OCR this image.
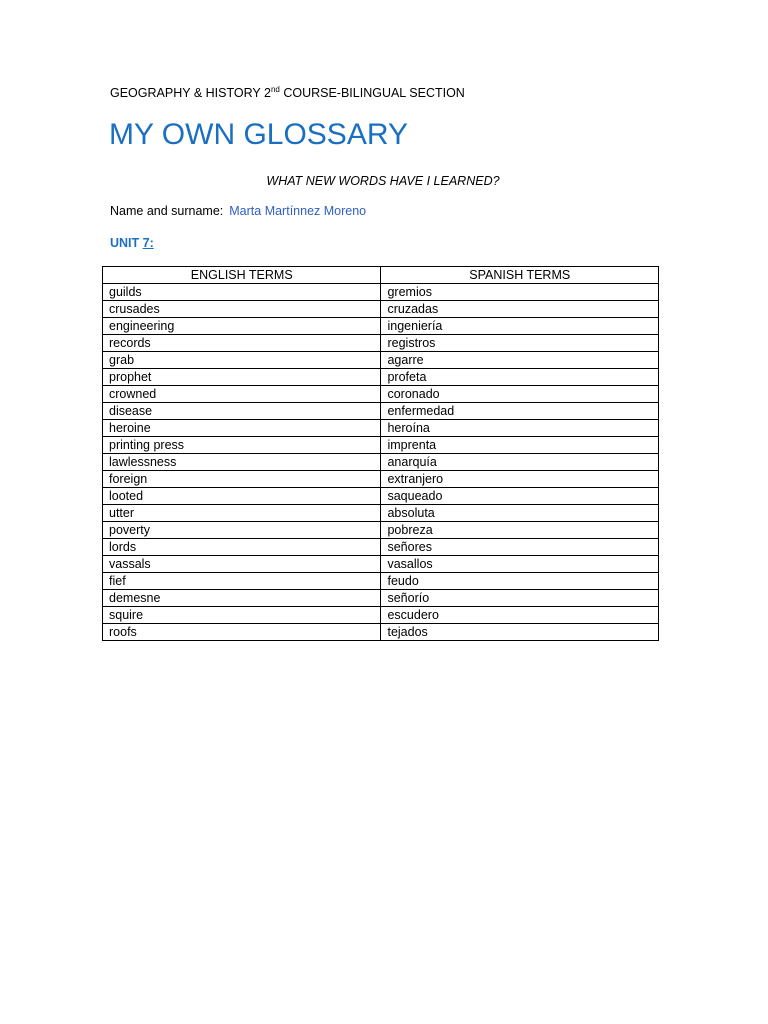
GEOGRAPHY & HISTORY 2nd COURSE-BILINGUAL SECTION
MY OWN GLOSSARY
WHAT NEW WORDS HAVE I LEARNED?
Name and surname: Marta Martínnez Moreno
UNIT 7:
ENGLISH TERMS	SPANISH TERMS
guilds	gremios
crusades	cruzadas
engineering	ingeniería
records	registros
grab	agarre
prophet	profeta
crowned	coronado
disease	enfermedad
heroine	heroína
printing press	imprenta
lawlessness	anarquía
foreign	extranjero
looted	saqueado
utter	absoluta
poverty	pobreza
lords	señores
vassals	vasallos
fief	feudo
demesne	señorío
squire	escudero
roofs	tejados
